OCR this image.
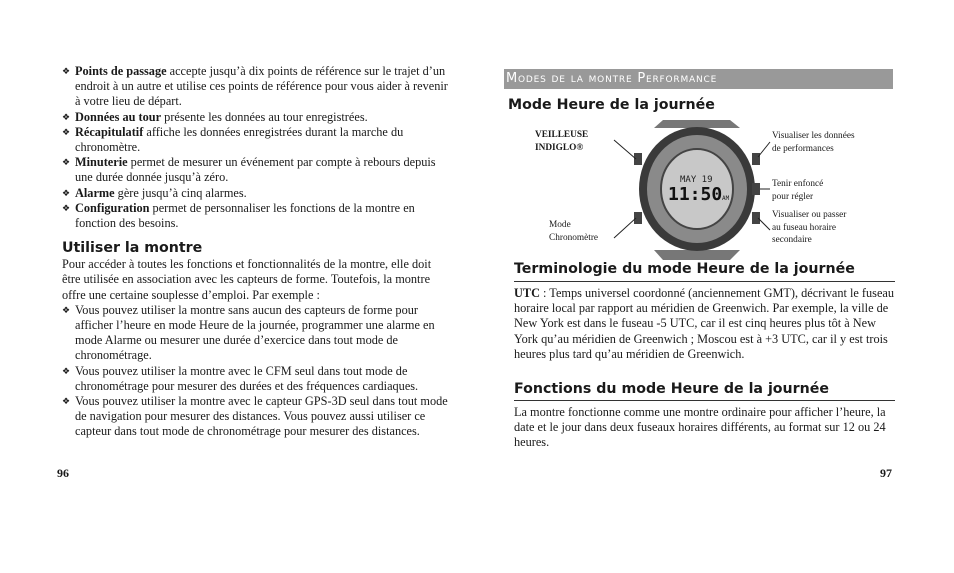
❖ Points de passage accepte jusqu’à dix points de référence sur le trajet d’un endroit à un autre et utilise ces points de référence pour vous aider à revenir à votre lieu de départ.
❖ Données au tour présente les données au tour enregistrées.
❖ Récapitulatif affiche les données enregistrées durant la marche du chronomètre.
❖ Minuterie permet de mesurer un événement par compte à rebours depuis une durée donnée jusqu’à zéro.
❖ Alarme gère jusqu’à cinq alarmes.
❖ Configuration permet de personnaliser les fonctions de la montre en fonction des besoins.
Utiliser la montre

Pour accéder à toutes les fonctions et fonctionnalités de la montre, elle doit être utilisée en association avec les capteurs de forme. Toutefois, la montre offre une certaine souplesse d’emploi. Par exemple :

❖ Vous pouvez utiliser la montre sans aucun des capteurs de forme pour afficher l’heure en mode Heure de la journée, programmer une alarme en mode Alarme ou mesurer une durée d’exercice dans tout mode de chronométrage.
❖ Vous pouvez utiliser la montre avec le CFM seul dans tout mode de chronométrage pour mesurer des durées et des fréquences cardiaques.
❖ Vous pouvez utiliser la montre avec le capteur GPS-3D seul dans tout mode de navigation pour mesurer des distances. Vous pouvez aussi utiliser ce capteur dans tout mode de chronométrage pour mesurer des distances.
96
Modes de la montre Performance
Mode Heure de la journée
MAY 19
11:50 AM
VEILLEUSE
INDIGLO®
Mode
Chronomètre
Visualiser les données
de performances
Tenir enfoncé
pour régler
Visualiser ou passer
au fuseau horaire
secondaire
Terminologie du mode Heure de la journée
UTC : Temps universel coordonné (anciennement GMT), décrivant le fuseau horaire local par rapport au méridien de Greenwich. Par exemple, la ville de New York est dans le fuseau -5 UTC, car il est cinq heures plus tôt à New York qu’au méridien de Greenwich ; Moscou est à +3 UTC, car il y est trois heures plus tard qu’au méridien de Greenwich.
Fonctions du mode Heure de la journée
La montre fonctionne comme une montre ordinaire pour afficher l’heure, la date et le jour dans deux fuseaux horaires différents, au format sur 12 ou 24 heures.
97
